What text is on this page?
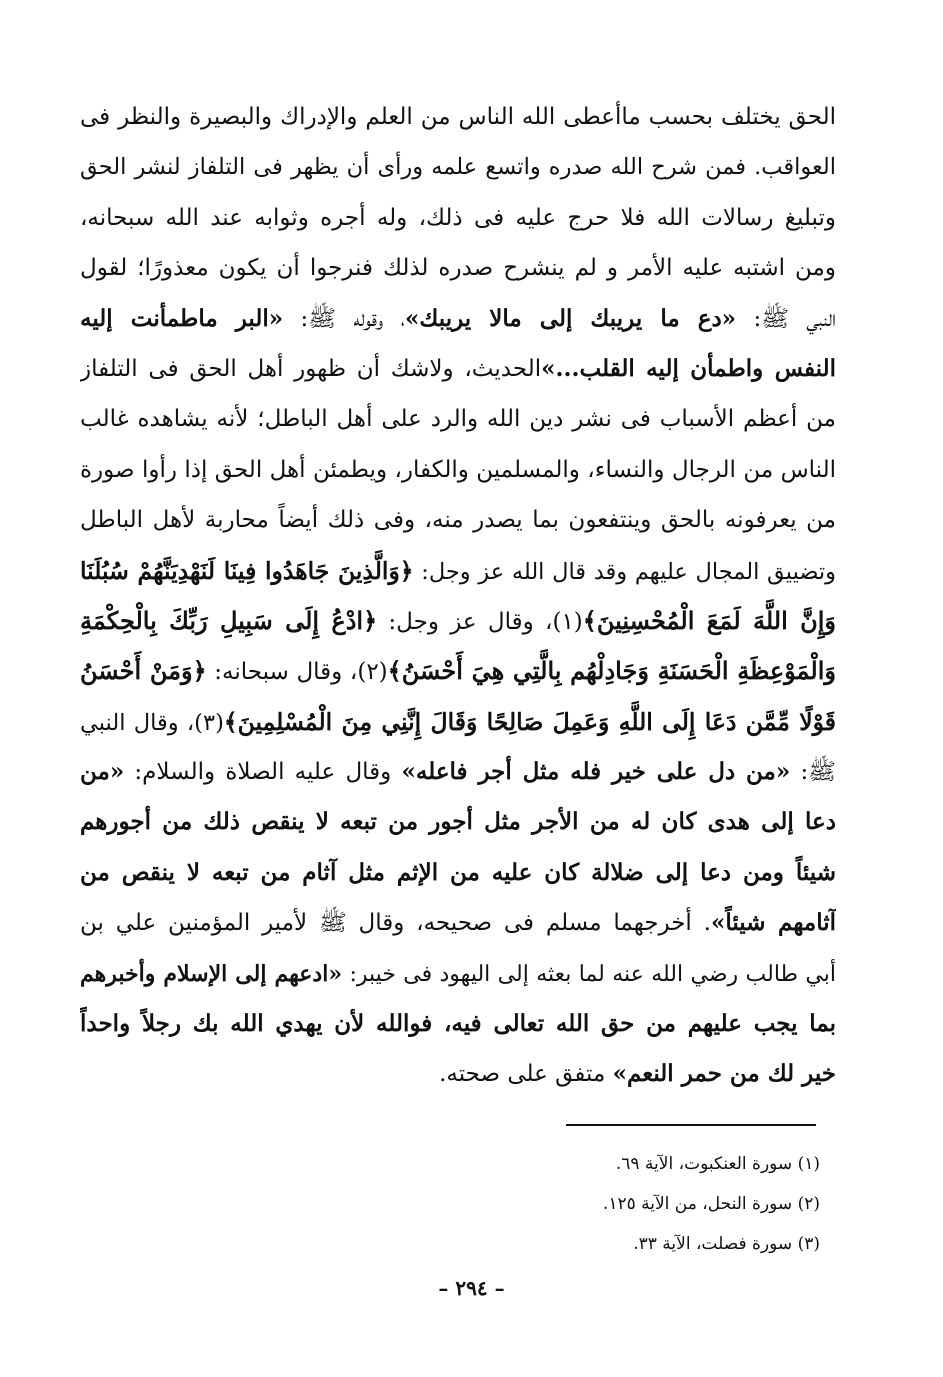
الحق يختلف بحسب ماأعطى الله الناس من العلم والإدراك والبصيرة والنظر فى
العواقب. فمن شرح الله صدره واتسع علمه ورأى أن يظهر فى التلفاز لنشر الحق
وتبليغ رسالات الله فلا حرج عليه فى ذلك، وله أجره وثوابه عند الله سبحانه،
ومن اشتبه عليه الأمر و لم ينشرح صدره لذلك فنرجوا أن يكون معذورًا؛ لقول
النبي ﷺ: «دع ما يريبك إلى مالا يريبك»، وقوله ﷺ: «البر ماطمأنت إليه
النفس واطمأن إليه القلب...»الحديث، ولاشك أن ظهور أهل الحق فى التلفاز
من أعظم الأسباب فى نشر دين الله والرد على أهل الباطل؛ لأنه يشاهده غالب
الناس من الرجال والنساء، والمسلمين والكفار، ويطمئن أهل الحق إذا رأوا صورة
من يعرفونه بالحق وينتفعون بما يصدر منه، وفى ذلك أيضاً محاربة لأهل الباطل
وتضييق المجال عليهم وقد قال الله عز وجل: ﴿وَالَّذِينَ جَاهَدُوا فِينَا لَنَهْدِيَنَّهُمْ سُبُلَنَا
وَإِنَّ اللَّهَ لَمَعَ الْمُحْسِنِينَ﴾(١)، وقال عز وجل: ﴿ادْعُ إِلَى سَبِيلِ رَبِّكَ بِالْحِكْمَةِ
وَالْمَوْعِظَةِ الْحَسَنَةِ وَجَادِلْهُم بِالَّتِي هِيَ أَحْسَنُ﴾(٢)، وقال سبحانه: ﴿وَمَنْ أَحْسَنُ
قَوْلًا مِّمَّن دَعَا إِلَى اللَّهِ وَعَمِلَ صَالِحًا وَقَالَ إِنَّنِي مِنَ الْمُسْلِمِينَ﴾(٣)، وقال النبي
ﷺ: «من دل على خير فله مثل أجر فاعله» وقال عليه الصلاة والسلام: «من
دعا إلى هدى كان له من الأجر مثل أجور من تبعه لا ينقص ذلك من أجورهم
شيئاً ومن دعا إلى ضلالة كان عليه من الإثم مثل آثام من تبعه لا ينقص من
آثامهم شيئاً». أخرجهما مسلم فى صحيحه، وقال ﷺ لأمير المؤمنين علي بن
أبي طالب رضي الله عنه لما بعثه إلى اليهود فى خيبر: «ادعهم إلى الإسلام وأخبرهم
بما يجب عليهم من حق الله تعالى فيه، فوالله لأن يهدي الله بك رجلاً واحداً
خير لك من حمر النعم» متفق على صحته.
(١) سورة العنكبوت، الآية ٦٩.
(٢) سورة النحل، من الآية ١٢٥.
(٣) سورة فصلت، الآية ٣٣.
– ٢٩٤ –
